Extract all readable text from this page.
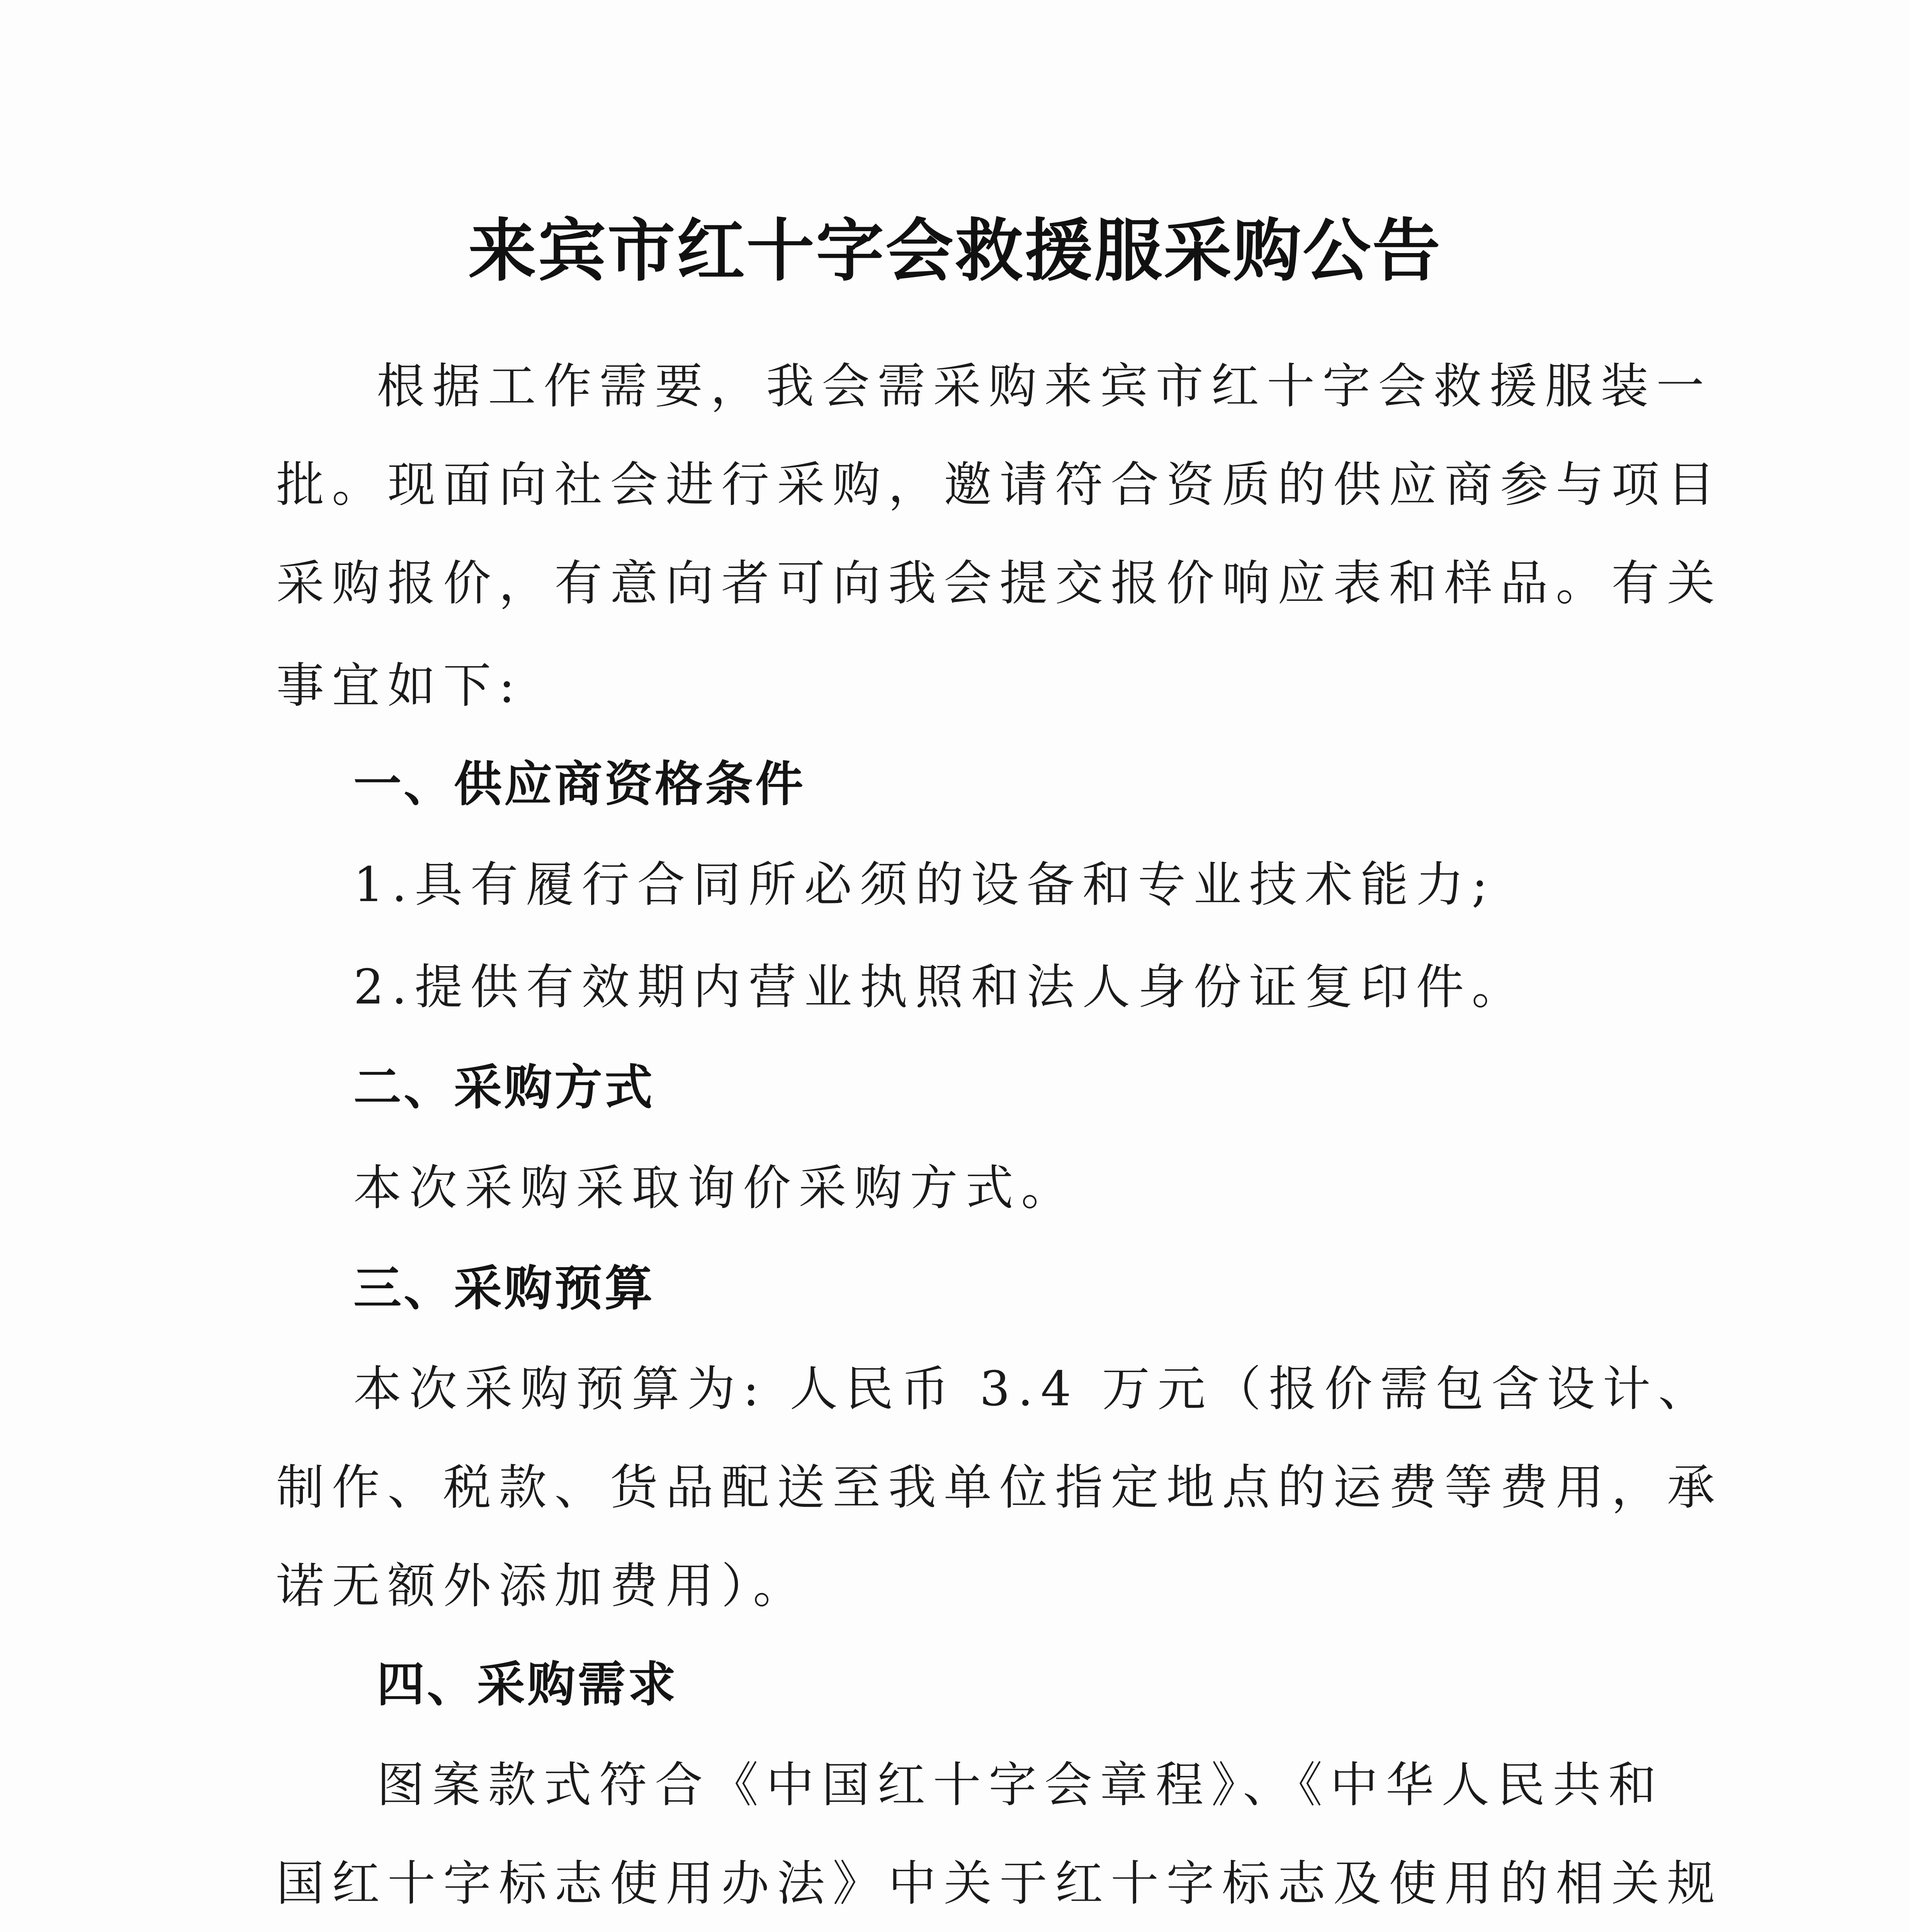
来宾市红十字会救援服采购公告
根据工作需要，我会需采购来宾市红十字会救援服装一
批。现面向社会进行采购，邀请符合资质的供应商参与项目
采购报价，有意向者可向我会提交报价响应表和样品。有关
事宜如下:
一、供应商资格条件
1.具有履行合同所必须的设备和专业技术能力;
2.提供有效期内营业执照和法人身份证复印件。
二、采购方式
本次采购采取询价采购方式。
三、采购预算
本次采购预算为: 人民币 3.4 万元（报价需包含设计、
制作、税款、货品配送至我单位指定地点的运费等费用，承
诺无额外添加费用）。
四、采购需求
图案款式符合《中国红十字会章程》、《中华人民共和
国红十字标志使用办法》中关于红十字标志及使用的相关规
